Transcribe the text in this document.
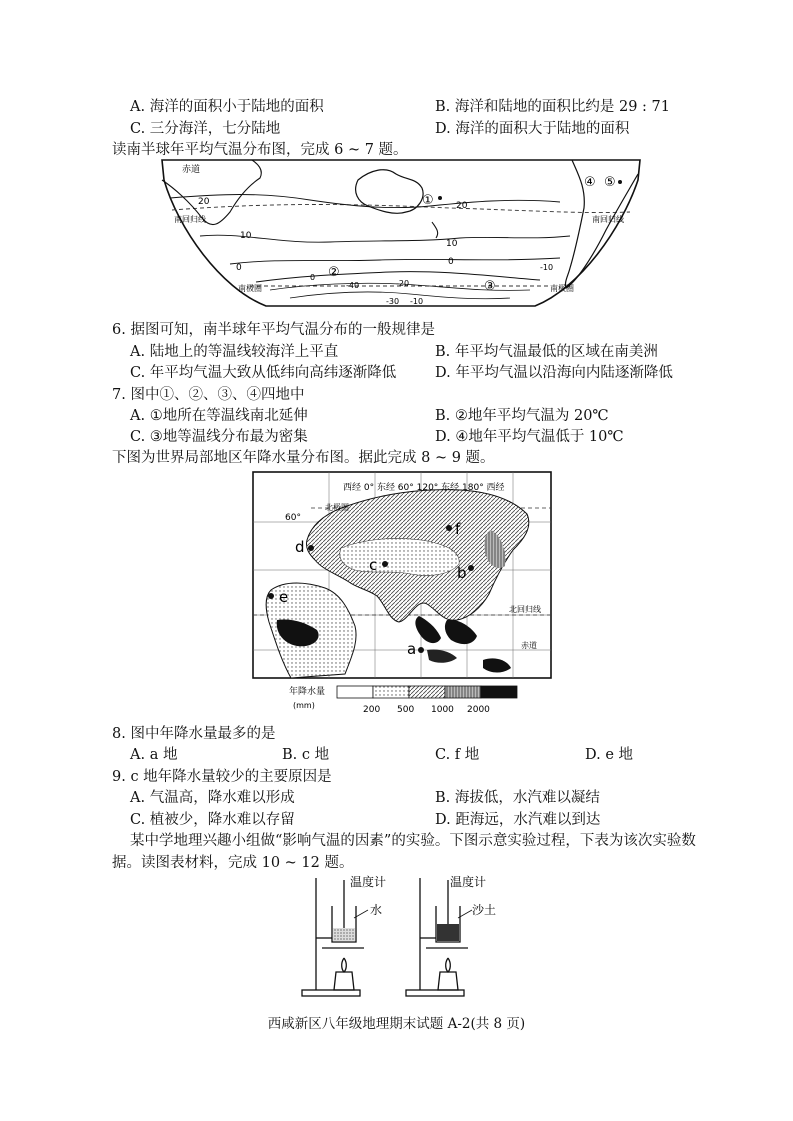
A. 海洋的面积小于陆地的面积	B. 海洋和陆地的面积比约是 29 : 71
C. 三分海洋，七分陆地	D. 海洋的面积大于陆地的面积
读南半球年平均气温分布图，完成 6 ~ 7 题。
赤道
南回归线	南回归线
南极圈	南极圈
20	20
10
10
0
0
-10
-20
-30
-40
-10
0
①
②
③
④ ⑤
6. 据图可知，南半球年平均气温分布的一般规律是
A. 陆地上的等温线较海洋上平直	B. 年平均气温最低的区域在南美洲
C. 年平均气温大致从低纬向高纬逐渐降低	D. 年平均气温以沿海向内陆逐渐降低
7. 图中①、②、③、④四地中
A. ①地所在等温线南北延伸	B. ②地年平均气温为 20℃
C. ③地等温线分布最为密集	D. ④地年平均气温低于 10℃
下图为世界局部地区年降水量分布图。据此完成 8 ~ 9 题。
西经 0° 东经 60° 120° 东经 180° 西经
60°
北极圈
北回归线
赤道
a
b
c
d
e
f
年降水量
(mm)	200 500 1000 2000
8. 图中年降水量最多的是
A. a 地	B. c 地	C. f 地	D. e 地
9. c 地年降水量较少的主要原因是
A. 气温高，降水难以形成	B. 海拔低，水汽难以凝结
C. 植被少，降水难以存留	D. 距海远，水汽难以到达
某中学地理兴趣小组做“影响气温的因素”的实验。下图示意实验过程，下表为该次实验数
据。读图表材料，完成 10 ~ 12 题。
温度计	温度计
水	沙土
西咸新区八年级地理期末试题 A-2(共 8 页)
